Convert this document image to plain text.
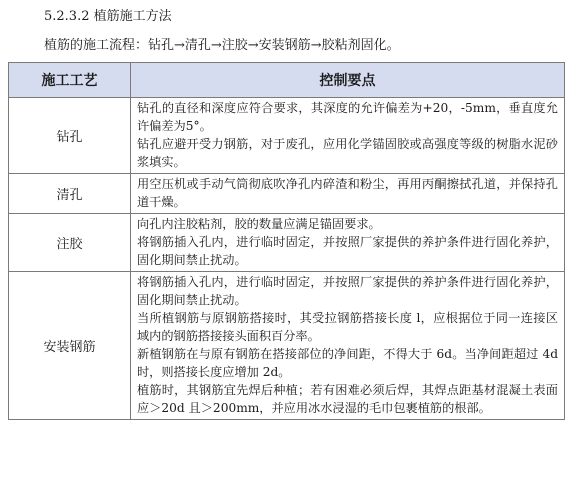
5.2.3.2 植筋施工方法
植筋的施工流程：钻孔→清孔→注胶→安装钢筋→胶粘剂固化。
施工工艺	控制要点
钻孔	钻孔的直径和深度应符合要求，其深度的允许偏差为+20，-5mm，垂直度允许偏差为5°。
钻孔应避开受力钢筋，对于废孔，应用化学锚固胶或高强度等级的树脂水泥砂浆填实。

清孔	用空压机或手动气筒彻底吹净孔内碎渣和粉尘，再用丙酮擦拭孔道，并保持孔道干燥。

注胶	向孔内注胶粘剂，胶的数量应满足锚固要求。
将钢筋插入孔内，进行临时固定，并按照厂家提供的养护条件进行固化养护，固化期间禁止扰动。

安装钢筋	将钢筋插入孔内，进行临时固定，并按照厂家提供的养护条件进行固化养护，固化期间禁止扰动。
当所植钢筋与原钢筋搭接时，其受拉钢筋搭接长度 l，应根据位于同一连接区域内的钢筋搭接接头面积百分率。
新植钢筋在与原有钢筋在搭接部位的净间距，不得大于 6d。当净间距超过 4d 时，则搭接长度应增加 2d。
植筋时，其钢筋宜先焊后种植；若有困难必须后焊，其焊点距基材混凝土表面应＞20d 且＞200mm，并应用冰水浸湿的毛巾包裹植筋的根部。
